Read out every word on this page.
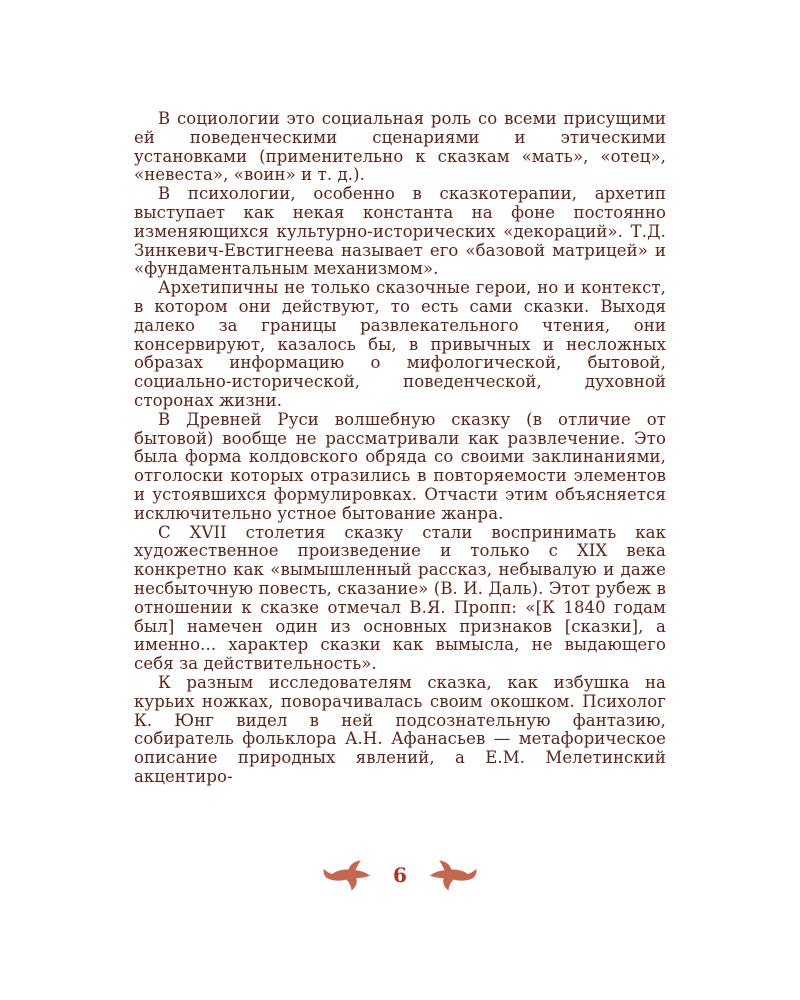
В социологии это социальная роль со всеми присущими ей поведенческими сценариями и этическими установками (применительно к сказкам «мать», «отец», «невеста», «воин» и т. д.).

В психологии, особенно в сказкотерапии, архетип выступает как некая константа на фоне постоянно изменяющихся культурно-исторических «декораций». Т.Д. Зинкевич-Евстигнеева называет его «базовой матрицей» и «фундаментальным механизмом».

Архетипичны не только сказочные герои, но и контекст, в котором они действуют, то есть сами сказки. Выходя далеко за границы развлекательного чтения, они консервируют, казалось бы, в привычных и несложных образах информацию о мифологической, бытовой, социально-исторической, поведенческой, духовной сторонах жизни.

В Древней Руси волшебную сказку (в отличие от бытовой) вообще не рассматривали как развлечение. Это была форма колдовского обряда со своими заклинаниями, отголоски которых отразились в повторяемости элементов и устоявшихся формулировках. Отчасти этим объясняется исключительно устное бытование жанра.

С XVII столетия сказку стали воспринимать как художественное произведение и только с XIX века конкретно как «вымышленный рассказ, небывалую и даже несбыточную повесть, сказание» (В. И. Даль). Этот рубеж в отношении к сказке отмечал В.Я. Пропп: «[К 1840 годам был] намечен один из основных признаков [сказки], а именно... характер сказки как вымысла, не выдающего себя за действительность».

К разным исследователям сказка, как избушка на курьих ножках, поворачивалась своим окошком. Психолог К. Юнг видел в ней подсознательную фантазию, собиратель фольклора А.Н. Афанасьев — метафорическое описание природных явлений, а Е.М. Мелетинский акцентиро-

6
